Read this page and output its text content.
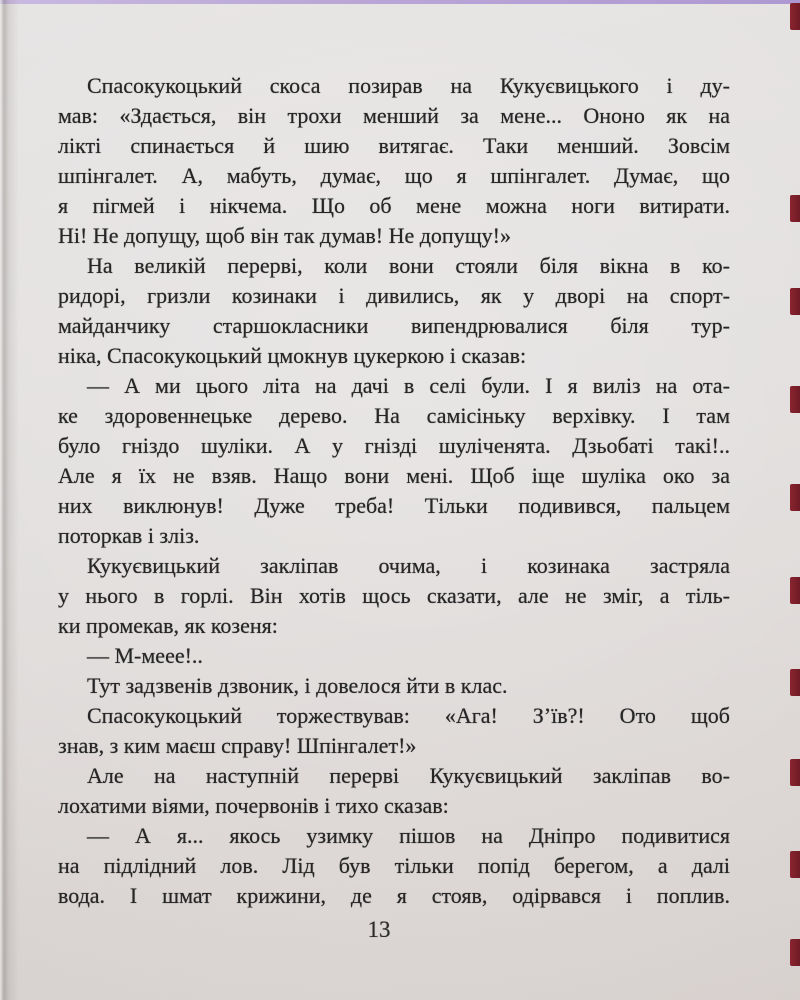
Спасокукоцький скоса позирав на Кукуєвицького і ду-
мав: «Здається, він трохи менший за мене... Ононо як на
лікті спинається й шию витягає. Таки менший. Зовсім
шпінгалет. А, мабуть, думає, що я шпінгалет. Думає, що
я пігмей і нікчема. Що об мене можна ноги витирати.
Ні! Не допущу, щоб він так думав! Не допущу!»
На великій перерві, коли вони стояли біля вікна в ко-
ридорі, гризли козинаки і дивились, як у дворі на спорт-
майданчику старшокласники випендрювалися біля тур-
ніка, Спасокукоцький цмокнув цукеркою і сказав:
— А ми цього літа на дачі в селі були. І я виліз на ота-
ке здоровеннецьке дерево. На самісіньку верхівку. І там
було гніздо шуліки. А у гнізді шуліченята. Дзьобаті такі!..
Але я їх не взяв. Нащо вони мені. Щоб іще шуліка око за
них виклюнув! Дуже треба! Тільки подивився, пальцем
поторкав і зліз.
Кукуєвицький закліпав очима, і козинака застряла
у нього в горлі. Він хотів щось сказати, але не зміг, а тіль-
ки промекав, як козеня:
— М-меее!..
Тут задзвенів дзвоник, і довелося йти в клас.
Спасокукоцький торжествував: «Ага! З’їв?! Ото щоб
знав, з ким маєш справу! Шпінгалет!»
Але на наступній перерві Кукуєвицький закліпав во-
лохатими віями, почервонів і тихо сказав:
— А я... якось узимку пішов на Дніпро подивитися
на підлідний лов. Лід був тільки попід берегом, а далі
вода. І шмат крижини, де я стояв, одірвався і поплив.
13
